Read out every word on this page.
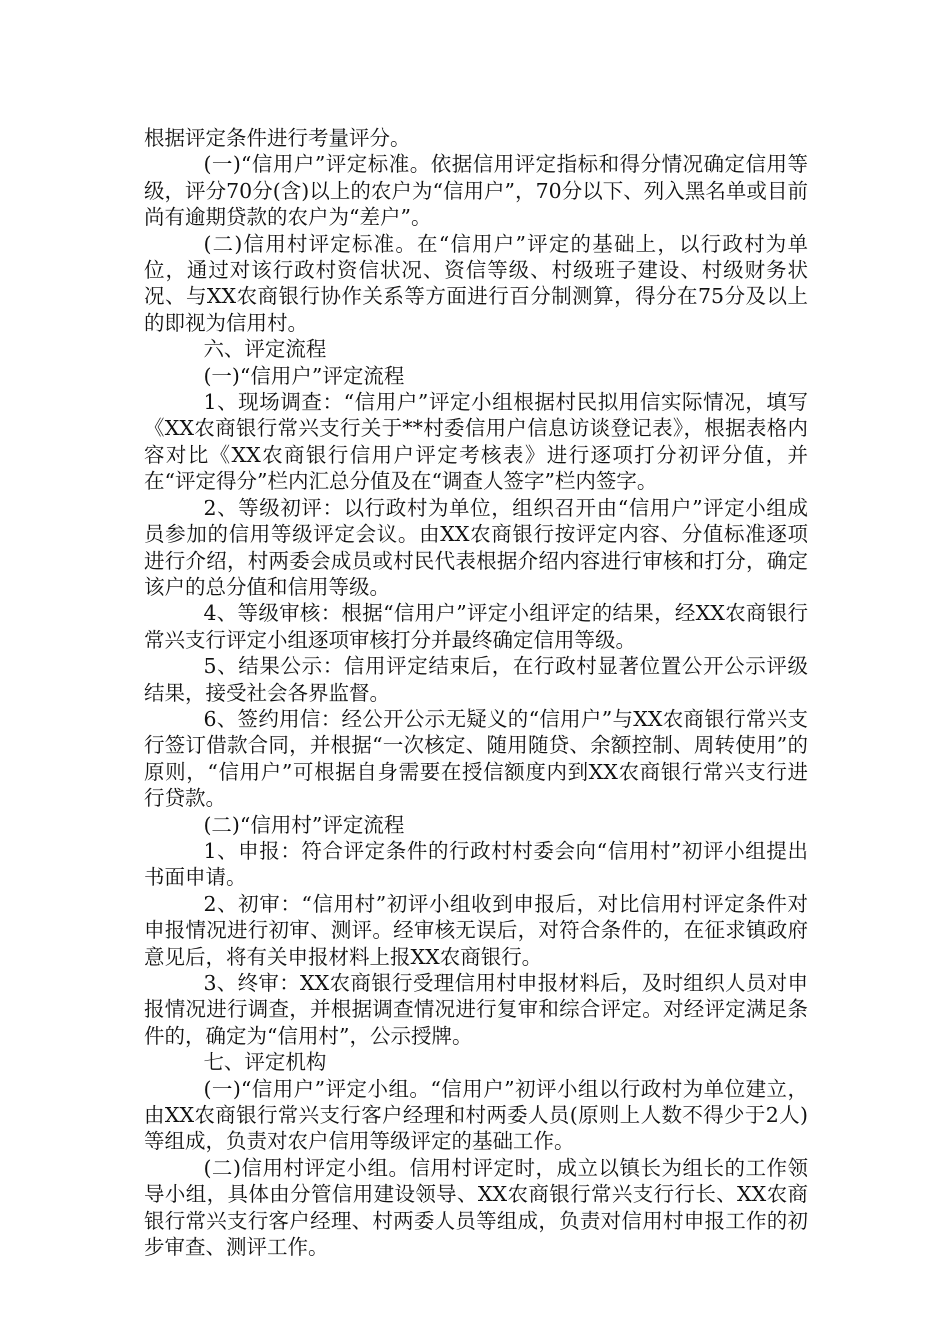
根据评定条件进行考量评分。

(一)“信用户”评定标准。依据信用评定指标和得分情况确定信用等级，评分70分(含)以上的农户为“信用户”，70分以下、列入黑名单或目前尚有逾期贷款的农户为“差户”。

(二)信用村评定标准。在“信用户”评定的基础上，以行政村为单位，通过对该行政村资信状况、资信等级、村级班子建设、村级财务状况、与XX农商银行协作关系等方面进行百分制测算，得分在75分及以上的即视为信用村。

六、评定流程

(一)“信用户”评定流程

1、现场调查：“信用户”评定小组根据村民拟用信实际情况，填写《XX农商银行常兴支行关于**村委信用户信息访谈登记表》，根据表格内容对比《XX农商银行信用户评定考核表》进行逐项打分初评分值，并在“评定得分”栏内汇总分值及在“调查人签字”栏内签字。

2、等级初评：以行政村为单位，组织召开由“信用户”评定小组成员参加的信用等级评定会议。由XX农商银行按评定内容、分值标准逐项进行介绍，村两委会成员或村民代表根据介绍内容进行审核和打分，确定该户的总分值和信用等级。

4、等级审核：根据“信用户”评定小组评定的结果，经XX农商银行常兴支行评定小组逐项审核打分并最终确定信用等级。

5、结果公示：信用评定结束后，在行政村显著位置公开公示评级结果，接受社会各界监督。

6、签约用信：经公开公示无疑义的“信用户”与XX农商银行常兴支行签订借款合同，并根据“一次核定、随用随贷、余额控制、周转使用”的原则，“信用户”可根据自身需要在授信额度内到XX农商银行常兴支行进行贷款。

(二)“信用村”评定流程

1、申报：符合评定条件的行政村村委会向“信用村”初评小组提出书面申请。

2、初审：“信用村”初评小组收到申报后，对比信用村评定条件对申报情况进行初审、测评。经审核无误后，对符合条件的，在征求镇政府意见后，将有关申报材料上报XX农商银行。

3、终审：XX农商银行受理信用村申报材料后，及时组织人员对申报情况进行调查，并根据调查情况进行复审和综合评定。对经评定满足条件的，确定为“信用村”，公示授牌。

七、评定机构

(一)“信用户”评定小组。“信用户”初评小组以行政村为单位建立，由XX农商银行常兴支行客户经理和村两委人员(原则上人数不得少于2人)等组成，负责对农户信用等级评定的基础工作。

(二)信用村评定小组。信用村评定时，成立以镇长为组长的工作领导小组，具体由分管信用建设领导、XX农商银行常兴支行行长、XX农商银行常兴支行客户经理、村两委人员等组成，负责对信用村申报工作的初步审查、测评工作。
